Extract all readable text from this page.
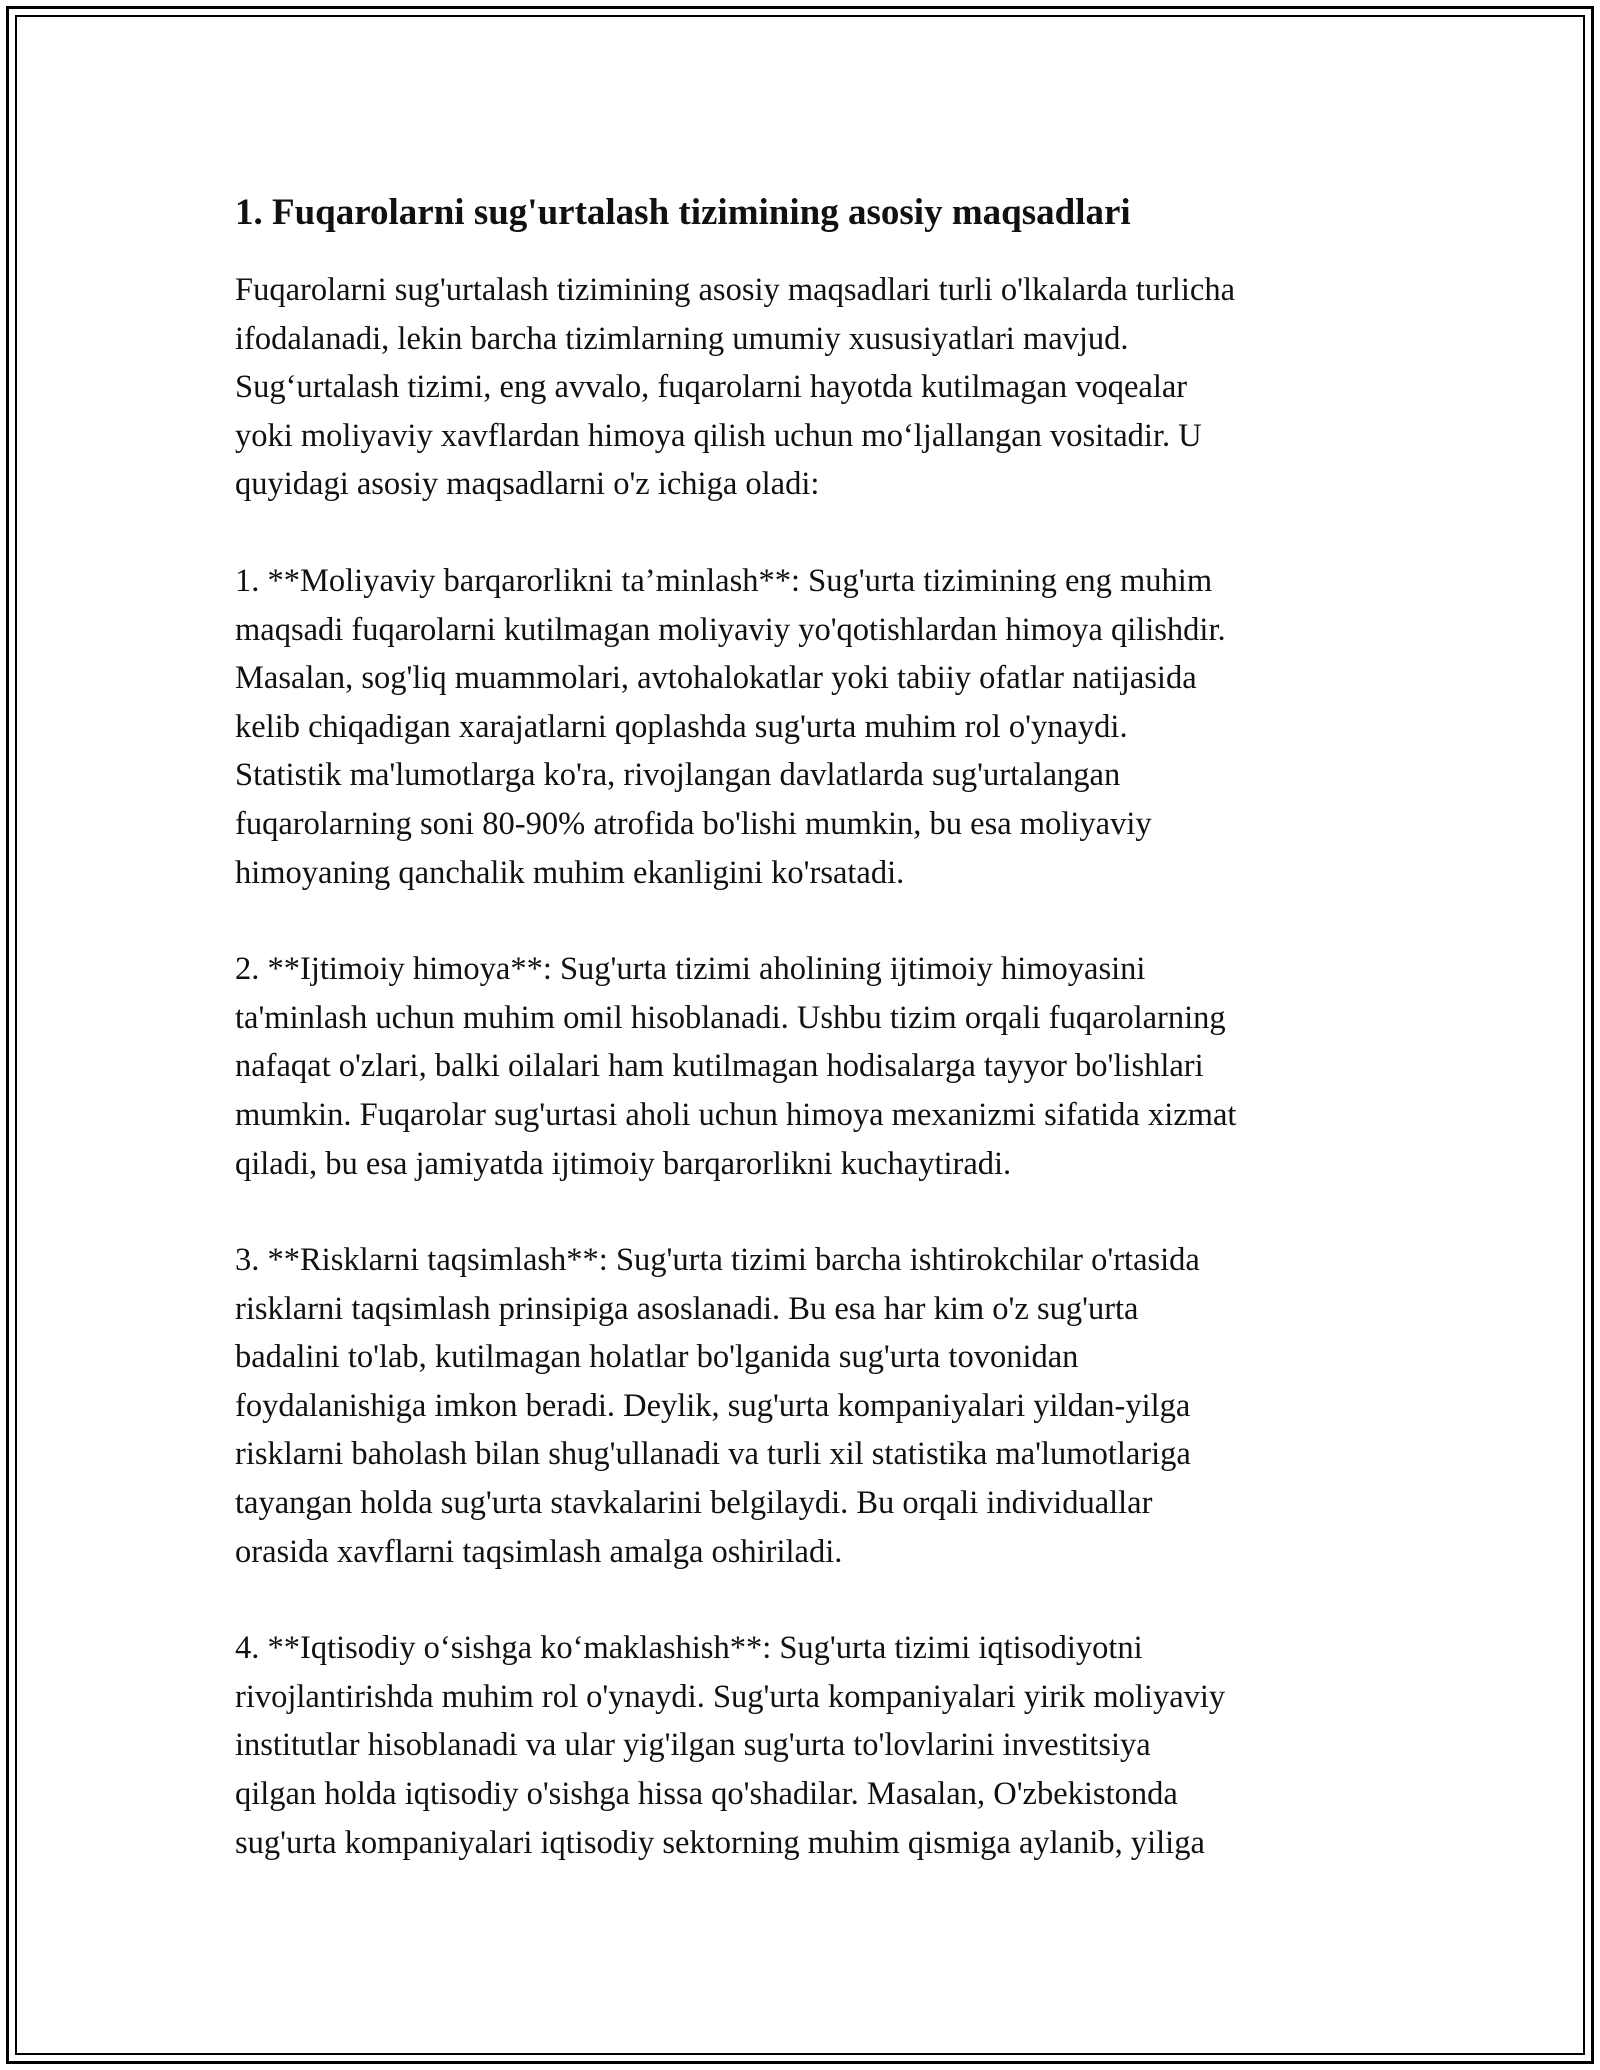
1. Fuqarolarni sug'urtalash tizimining asosiy maqsadlari

Fuqarolarni sug'urtalash tizimining asosiy maqsadlari turli o'lkalarda turlicha
ifodalanadi, lekin barcha tizimlarning umumiy xususiyatlari mavjud.
Sug‘urtalash tizimi, eng avvalo, fuqarolarni hayotda kutilmagan voqealar
yoki moliyaviy xavflardan himoya qilish uchun mo‘ljallangan vositadir. U
quyidagi asosiy maqsadlarni o'z ichiga oladi:

1. **Moliyaviy barqarorlikni ta’minlash**: Sug'urta tizimining eng muhim
maqsadi fuqarolarni kutilmagan moliyaviy yo'qotishlardan himoya qilishdir.
Masalan, sog'liq muammolari, avtohalokatlar yoki tabiiy ofatlar natijasida
kelib chiqadigan xarajatlarni qoplashda sug'urta muhim rol o'ynaydi.
Statistik ma'lumotlarga ko'ra, rivojlangan davlatlarda sug'urtalangan
fuqarolarning soni 80-90% atrofida bo'lishi mumkin, bu esa moliyaviy
himoyaning qanchalik muhim ekanligini ko'rsatadi.

2. **Ijtimoiy himoya**: Sug'urta tizimi aholining ijtimoiy himoyasini
ta'minlash uchun muhim omil hisoblanadi. Ushbu tizim orqali fuqarolarning
nafaqat o'zlari, balki oilalari ham kutilmagan hodisalarga tayyor bo'lishlari
mumkin. Fuqarolar sug'urtasi aholi uchun himoya mexanizmi sifatida xizmat
qiladi, bu esa jamiyatda ijtimoiy barqarorlikni kuchaytiradi.

3. **Risklarni taqsimlash**: Sug'urta tizimi barcha ishtirokchilar o'rtasida
risklarni taqsimlash prinsipiga asoslanadi. Bu esa har kim o'z sug'urta
badalini to'lab, kutilmagan holatlar bo'lganida sug'urta tovonidan
foydalanishiga imkon beradi. Deylik, sug'urta kompaniyalari yildan-yilga
risklarni baholash bilan shug'ullanadi va turli xil statistika ma'lumotlariga
tayangan holda sug'urta stavkalarini belgilaydi. Bu orqali individuallar
orasida xavflarni taqsimlash amalga oshiriladi.

4. **Iqtisodiy o‘sishga ko‘maklashish**: Sug'urta tizimi iqtisodiyotni
rivojlantirishda muhim rol o'ynaydi. Sug'urta kompaniyalari yirik moliyaviy
institutlar hisoblanadi va ular yig'ilgan sug'urta to'lovlarini investitsiya
qilgan holda iqtisodiy o'sishga hissa qo'shadilar. Masalan, O'zbekistonda
sug'urta kompaniyalari iqtisodiy sektorning muhim qismiga aylanib, yiliga
